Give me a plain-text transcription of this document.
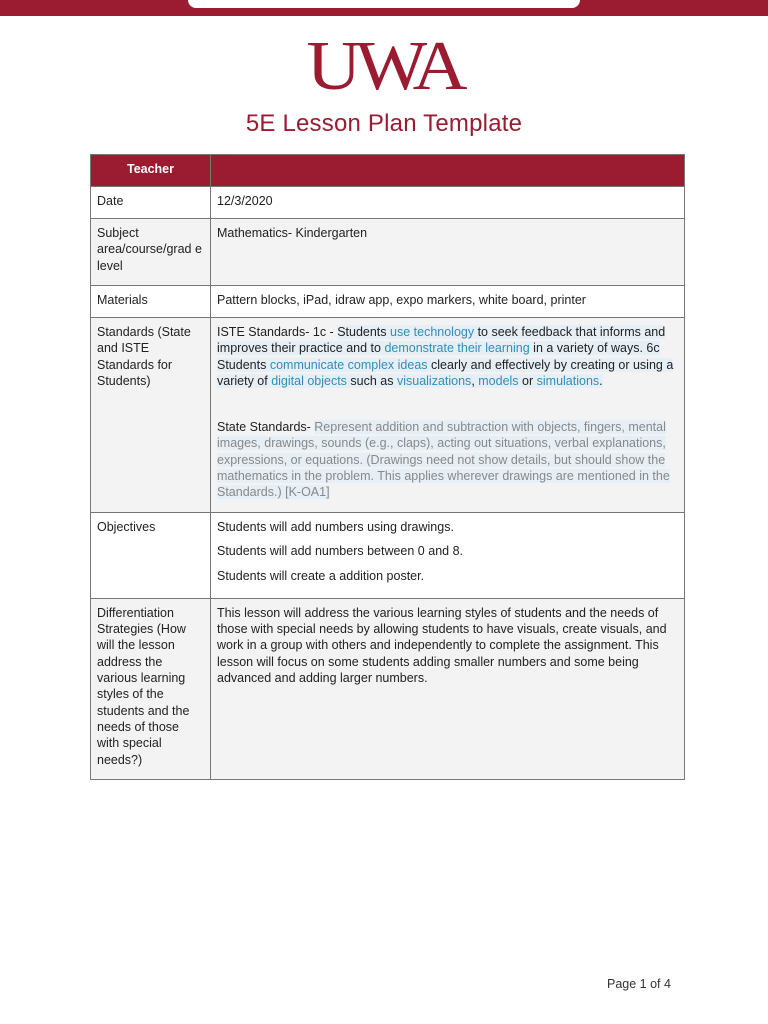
UWA
5E Lesson Plan Template
Teacher	
Date	12/3/2020
Subject area/course/grad e level	Mathematics- Kindergarten
Materials	Pattern blocks, iPad, idraw app, expo markers, white board, printer
Standards (State and ISTE Standards for Students)	ISTE Standards- 1c - Students use technology to seek feedback that informs and improves their practice and to demonstrate their learning in a variety of ways. 6c Students communicate complex ideas clearly and effectively by creating or using a variety of digital objects such as visualizations, models or simulations.
State Standards- Represent addition and subtraction with objects, fingers, mental images, drawings, sounds (e.g., claps), acting out situations, verbal explanations, expressions, or equations. (Drawings need not show details, but should show the mathematics in the problem. This applies wherever drawings are mentioned in the Standards.) [K-OA1]

Objectives	Students will add numbers using drawings.
Students will add numbers between 0 and 8.
Students will create a addition poster.

Differentiation Strategies (How will the lesson address the various learning styles of the students and the needs of those with special needs?)	This lesson will address the various learning styles of students and the needs of those with special needs by allowing students to have visuals, create visuals, and work in a group with others and independently to complete the assignment. This lesson will focus on some students adding smaller numbers and some being advanced and adding larger numbers.
Page 1 of 4
